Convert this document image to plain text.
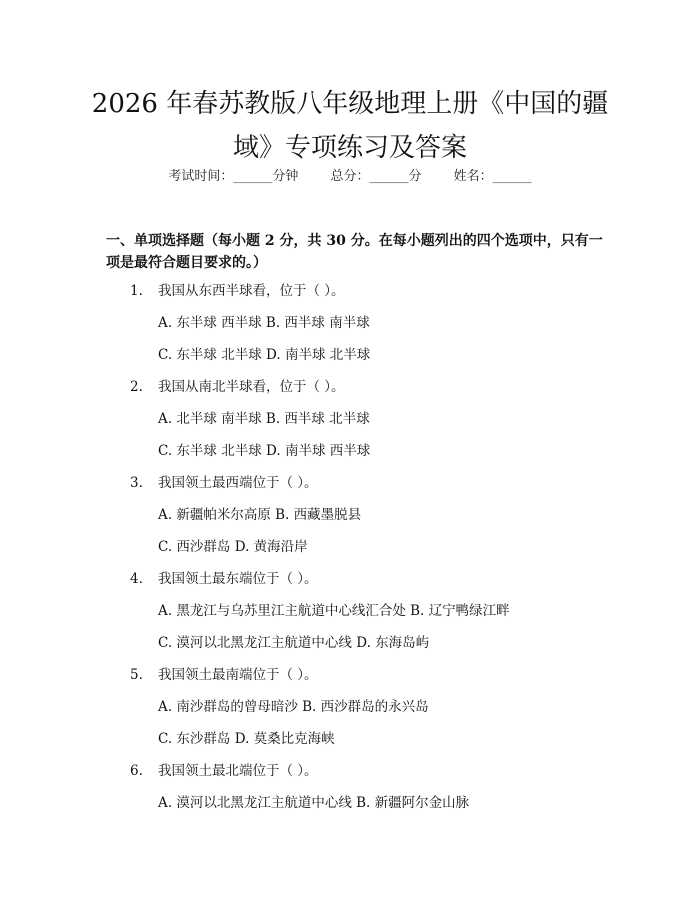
2026 年春苏教版八年级地理上册《中国的疆
域》专项练习及答案
考试时间：______分钟 总分：______分 姓名：______
一、单项选择题（每小题 2 分，共 30 分。在每小题列出的四个选项中，只有一项是最符合题目要求的。）
1.	我国从东西半球看，位于（ ）。
A. 东半球 西半球 B. 西半球 南半球
C. 东半球 北半球 D. 南半球 北半球
2.	我国从南北半球看，位于（ ）。
A. 北半球 南半球 B. 西半球 北半球
C. 东半球 北半球 D. 南半球 西半球
3.	我国领土最西端位于（ ）。
A. 新疆帕米尔高原 B. 西藏墨脱县
C. 西沙群岛 D. 黄海沿岸
4.	我国领土最东端位于（ ）。
A. 黑龙江与乌苏里江主航道中心线汇合处 B. 辽宁鸭绿江畔
C. 漠河以北黑龙江主航道中心线 D. 东海岛屿
5.	我国领土最南端位于（ ）。
A. 南沙群岛的曾母暗沙 B. 西沙群岛的永兴岛
C. 东沙群岛 D. 莫桑比克海峡
6.	我国领土最北端位于（ ）。
A. 漠河以北黑龙江主航道中心线 B. 新疆阿尔金山脉
